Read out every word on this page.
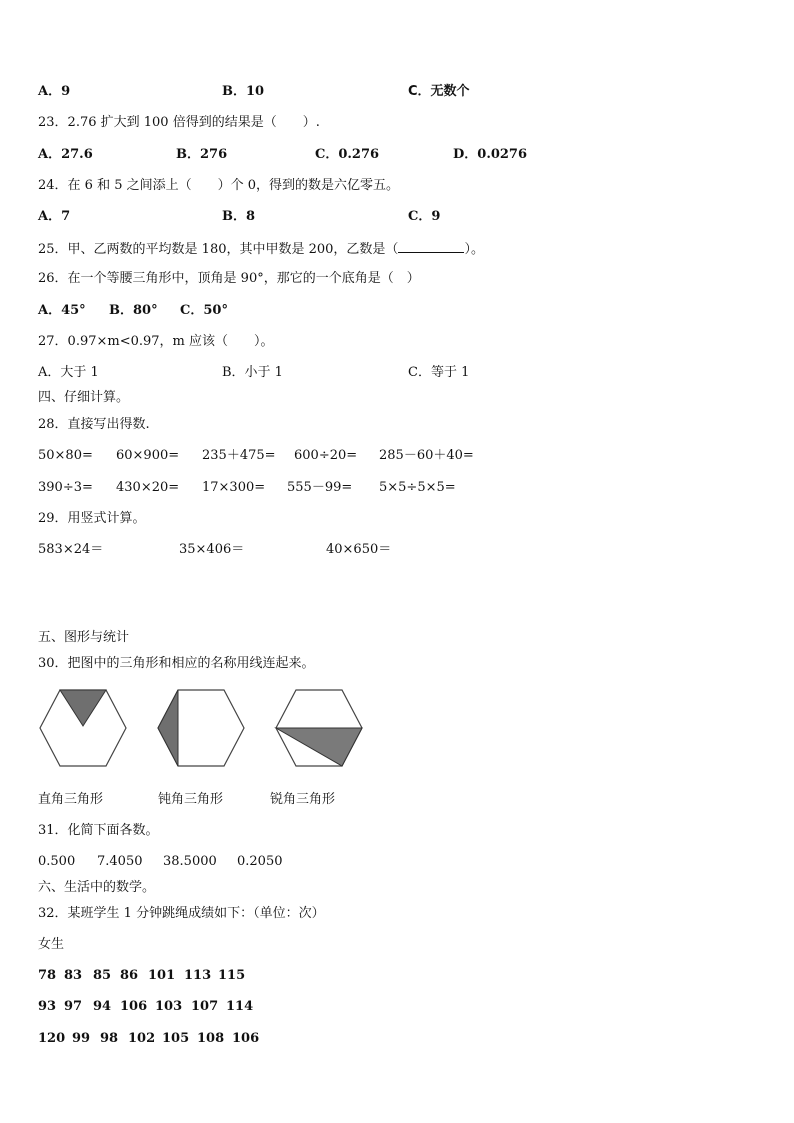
A．9	B．10	C．无数个
23．2.76 扩大到 100 倍得到的结果是（　　）.
A．27.6	B．276	C．0.276	D．0.0276
24．在 6 和 5 之间添上（　　）个 0，得到的数是六亿零五。
A．7	B．8	C．9
25．甲、乙两数的平均数是 180，其中甲数是 200，乙数是（	）。
26．在一个等腰三角形中，顶角是 90°，那它的一个底角是（　）
A．45° B．80° C．50°
27．0.97×m<0.97，m 应该（　　）。
A．大于 1	B．小于 1	C．等于 1
四、仔细计算。
28．直接写出得数.
50×80= 60×900= 235＋475= 600÷20= 285－60＋40=
390÷3= 430×20= 17×300= 555－99= 5×5÷5×5=
29．用竖式计算。
583×24＝	35×406＝	40×650＝
五、图形与统计
30．把图中的三角形和相应的名称用线连起来。
直角三角形	钝角三角形	锐角三角形
31．化简下面各数。
0.500 7.4050 38.5000 0.2050
六、生活中的数学。
32．某班学生 1 分钟跳绳成绩如下：（单位：次）
女生
78 83 85 86 101 113 115
93 97 94 106 103 107 114
120 99 98 102 105 108 106
